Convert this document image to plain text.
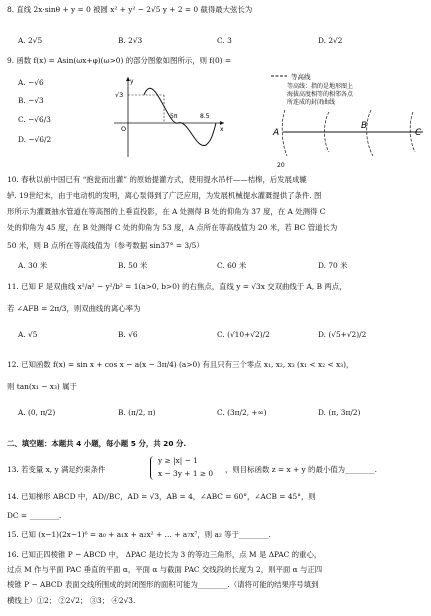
8. 直线 2x·sinθ + y = 0 被圆 x² + y² − 2√5 y + 2 = 0 截得最大弦长为
A. 2√5	B. 2√3	C. 3	D. 2√2
9. 函数 f(x) = Asin(ωx+φ)(ω>0) 的部分图象如图所示，则 f(0) =
A. −√6
B. −√3
C. −√6/3
D. −√6/2
y
x
√3
O
5π	8.5
等高线
等高线：指的是地形图上
海拔高度相等的相邻各点
所连成的封闭曲线
A
B
C
20
10. 春秋以前中国已有 “抱瓮而出灌” 的原始提灌方式，使用提水吊杆——桔槔，后发展成辘
轳. 19世纪末，由于电动机的发明，离心泵得到了广泛应用，为发展机械提水灌溉提供了条件. 图
形所示为灌溉抽水管道在等高图的上垂直投影，在 A 处测得 B 处的仰角为 37 度，在 A 处测得 C
处的仰角为 45 度，在 B 处测得 C 处的仰角为 53 度，A 点所在等高线值为 20 米，若 BC 管道长为
50 米，则 B 点所在等高线值为（参考数据 sin37° = 3/5）
A. 30 米	B. 50 米	C. 60 米	D. 70 米
11. 已知 F 是双曲线 x²/a² − y²/b² = 1(a>0, b>0) 的右焦点，直线 y = √3x 交双曲线于 A, B 两点，
若 ∠AFB = 2π/3，则双曲线的离心率为
A. √5	B. √6	C. (√10+√2)/2	D. (√5+√2)/2
12. 已知函数 f(x) = sin x + cos x − a(x − 3π/4) (a>0) 有且只有三个零点 x₁, x₂, x₃ (x₁ < x₂ < x₃)，
则 tan(x₁ − x₃) 属于
A. (0, π/2)	B. (π/2, π)	C. (3π/2, +∞)	D. (π, 3π/2)
二、填空题：本题共 4 小题，每小题 5 分，共 20 分.
13. 若变量 x, y 满足约束条件
y ≥ |x| − 1
x − 3y + 1 ≥ 0 ，则目标函数 z = x + y 的最小值为________.
14. 已知梯形 ABCD 中，AD//BC，AD = √3，AB = 4，∠ABC = 60°，∠ACB = 45°，则
DC = ________.
15. 已知 (x−1)(2x−1)⁶ = a₀ + a₁x + a₂x² + … + a₇x⁷，则 a₂ 等于________.
16. 已知正四棱锥 P − ABCD 中， ΔPAC 是边长为 3 的等边三角形，点 M 是 ΔPAC 的重心，
过点 M 作与平面 PAC 垂直的平面 α，平面 α 与截面 PAC 交线段的长度为 2，则平面 α 与正四
棱锥 P − ABCD 表面交线所围成的封闭图形的面积可能为________.（请将可能的结果序号填到
横线上）①2； ②2√2； ③3； ④2√3.
